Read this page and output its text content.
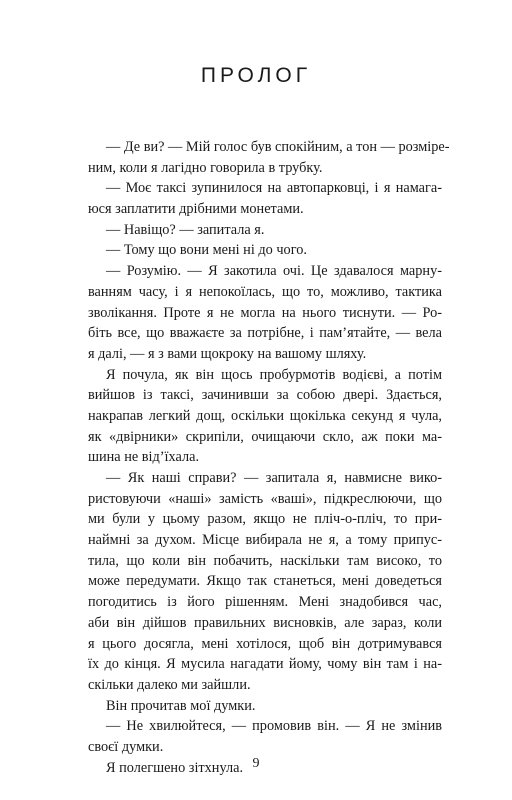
ПРОЛОГ
— Де ви? — Мій голос був спокійним, а тон — розміре-
ним, коли я лагідно говорила в трубку.
— Моє таксі зупинилося на автопарковці, і я намага-
юся заплатити дрібними монетами.
— Навіщо? — запитала я.
— Тому що вони мені ні до чого.
— Розумію. — Я закотила очі. Це здавалося марну-
ванням часу, і я непокоїлась, що то, можливо, тактика
зволікання. Проте я не могла на нього тиснути. — Ро-
біть все, що вважаєте за потрібне, і пам’ятайте, — вела
я далі, — я з вами щокроку на вашому шляху.
Я почула, як він щось пробурмотів водієві, а потім
вийшов із таксі, зачинивши за собою двері. Здається,
накрапав легкий дощ, оскільки щокілька секунд я чула,
як «двірники» скрипіли, очищаючи скло, аж поки ма-
шина не від’їхала.
— Як наші справи? — запитала я, навмисне вико-
ристовуючи «наші» замість «ваші», підкреслюючи, що
ми були у цьому разом, якщо не пліч-о-пліч, то при-
наймні за духом. Місце вибирала не я, а тому припус-
тила, що коли він побачить, наскільки там високо, то
може передумати. Якщо так станеться, мені доведеться
погодитись із його рішенням. Мені знадобився час,
аби він дійшов правильних висновків, але зараз, коли
я цього досягла, мені хотілося, щоб він дотримувався
їх до кінця. Я мусила нагадати йому, чому він там і на-
скільки далеко ми зайшли.
Він прочитав мої думки.
— Не хвилюйтеся, — промовив він. — Я не змінив
своєї думки.
Я полегшено зітхнула. 9
